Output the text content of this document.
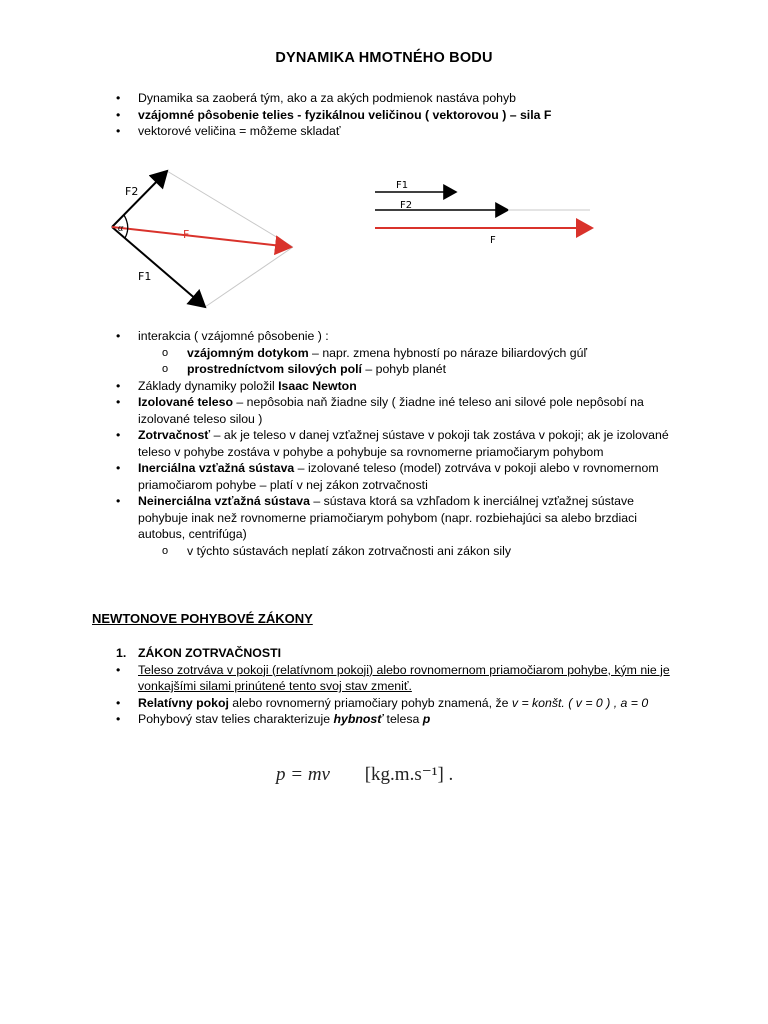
DYNAMIKA HMOTNÉHO BODU
• Dynamika sa zaoberá tým, ako a za akých podmienok nastáva pohyb
• vzájomné pôsobenie telies - fyzikálnou veličinou ( vektorovou ) – sila F
• vektorové veličina = môžeme skladať
α
F2
F
F1
F1
F2
F
• interakcia ( vzájomné pôsobenie ) :
o vzájomným dotykom – napr. zmena hybností po náraze biliardových gúľ
o prostredníctvom silových polí – pohyb planét
• Základy dynamiky položil Isaac Newton
• Izolované teleso – nepôsobia naň žiadne sily ( žiadne iné teleso ani silové pole nepôsobí na izolované teleso silou )
• Zotrvačnosť – ak je teleso v danej vzťažnej sústave v pokoji tak zostáva v pokoji; ak je izolované teleso v pohybe zostáva v pohybe a pohybuje sa rovnomerne priamočiarym pohybom
• Inerciálna vzťažná sústava – izolované teleso (model) zotrváva v pokoji alebo v rovnomernom priamočiarom pohybe – platí v nej zákon zotrvačnosti
• Neinerciálna vzťažná sústava – sústava ktorá sa vzhľadom k inerciálnej vzťažnej sústave pohybuje inak než rovnomerne priamočiarym pohybom (napr. rozbiehajúci sa alebo brzdiaci autobus, centrifúga)
o v týchto sústavách neplatí zákon zotrvačnosti ani zákon sily
NEWTONOVE POHYBOVÉ ZÁKONY
1. ZÁKON ZOTRVAČNOSTI
• Teleso zotrváva v pokoji (relatívnom pokoji) alebo rovnomernom priamočiarom pohybe, kým nie je vonkajšími silami prinútené tento svoj stav zmeniť.
• Relatívny pokoj alebo rovnomerný priamočiary pohyb znamená, že v = konšt. ( v = 0 ) , a = 0
• Pohybový stav telies charakterizuje hybnosť telesa p
p = mv [kg.m.s⁻¹] .
